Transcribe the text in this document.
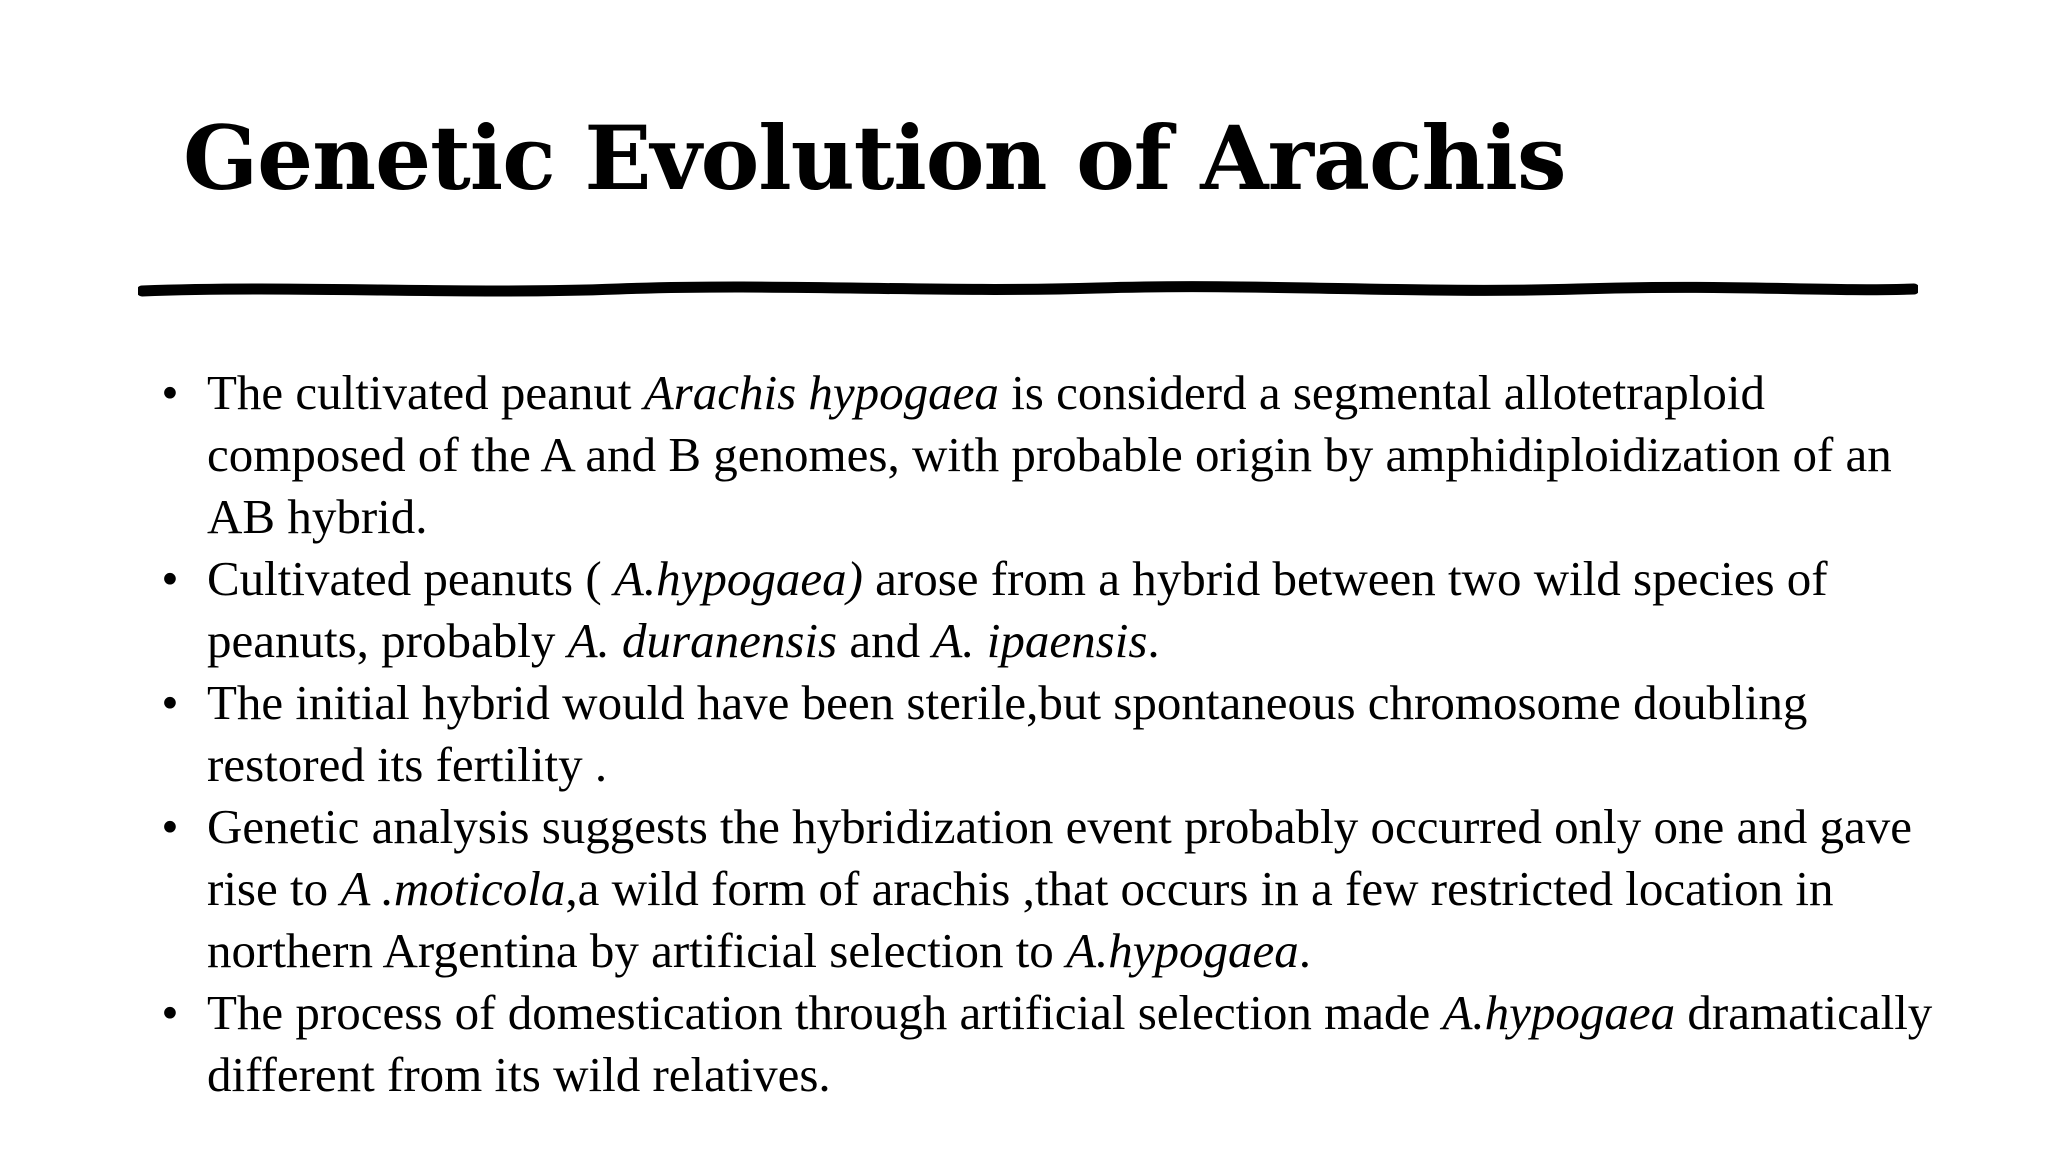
Genetic Evolution of Arachis
• The cultivated peanut Arachis hypogaea is considerd a segmental allotetraploid composed of the A and B genomes, with probable origin by amphidiploidization of an AB hybrid.
• Cultivated peanuts ( A.hypogaea) arose from a hybrid between two wild species of peanuts, probably A. duranensis and A. ipaensis.
• The initial hybrid would have been sterile,but spontaneous chromosome doubling restored its fertility .
• Genetic analysis suggests the hybridization event probably occurred only one and gave rise to A .moticola,a wild form of arachis ,that occurs in a few restricted location in northern Argentina by artificial selection to A.hypogaea.
• The process of domestication through artificial selection made A.hypogaea dramatically different from its wild relatives.
